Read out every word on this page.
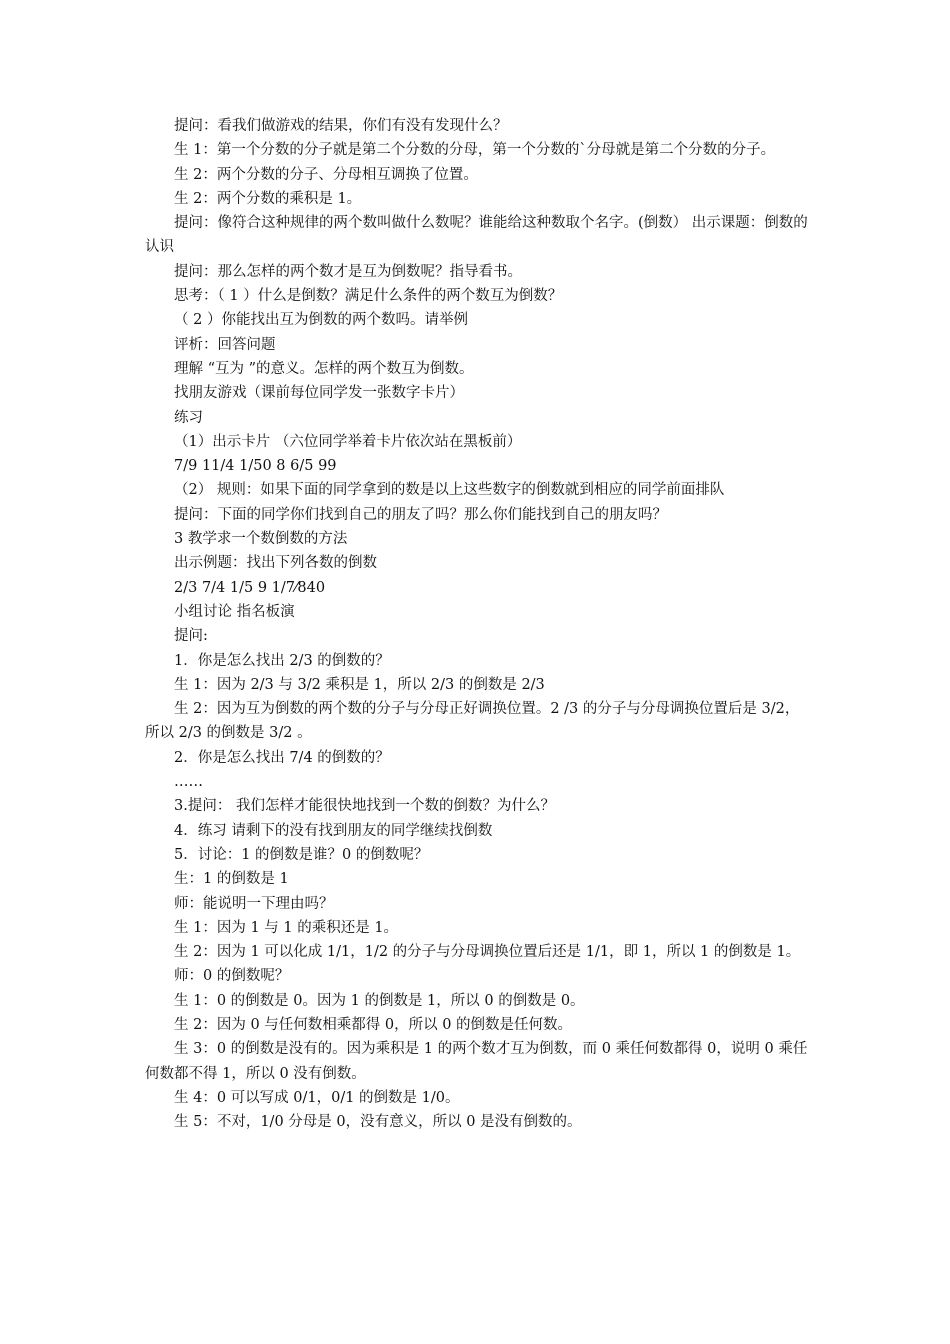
提问：看我们做游戏的结果，你们有没有发现什么？

生 1：第一个分数的分子就是第二个分数的分母，第一个分数的`分母就是第二个分数的分子。

生 2：两个分数的分子、分母相互调换了位置。

生 2：两个分数的乘积是 1。

提问：像符合这种规律的两个数叫做什么数呢？谁能给这种数取个名字。(倒数） 出示课题：倒数的认识

提问：那么怎样的两个数才是互为倒数呢？指导看书。

思考：（ 1 ）什么是倒数？满足什么条件的两个数互为倒数？

（ 2 ）你能找出互为倒数的两个数吗。请举例

评析：回答问题

理解 “互为 ”的意义。怎样的两个数互为倒数。

找朋友游戏（课前每位同学发一张数字卡片）

练习

（1）出示卡片 （六位同学举着卡片依次站在黑板前）

7/9 11/4 1/50 8 6/5 99

（2） 规则：如果下面的同学拿到的数是以上这些数字的倒数就到相应的同学前面排队

提问：下面的同学你们找到自己的朋友了吗？那么你们能找到自己的朋友吗？

3 教学求一个数倒数的方法

出示例题：找出下列各数的倒数

2/3 7/4 1/5 9 1/7⁄840

小组讨论 指名板演

提问:

1．你是怎么找出 2/3 的倒数的？

生 1：因为 2/3 与 3/2 乘积是 1，所以 2/3 的倒数是 2/3

生 2：因为互为倒数的两个数的分子与分母正好调换位置。2 /3 的分子与分母调换位置后是 3/2，所以 2/3 的倒数是 3/2 。

2．你是怎么找出 7/4 的倒数的？

……

3.提问： 我们怎样才能很快地找到一个数的倒数？为什么？

4．练习 请剩下的没有找到朋友的同学继续找倒数

5．讨论：1 的倒数是谁？0 的倒数呢？

生：1 的倒数是 1

师：能说明一下理由吗？

生 1：因为 1 与 1 的乘积还是 1。

生 2：因为 1 可以化成 1/1，1/2 的分子与分母调换位置后还是 1/1，即 1，所以 1 的倒数是 1。

师：0 的倒数呢？

生 1：0 的倒数是 0。因为 1 的倒数是 1，所以 0 的倒数是 0。

生 2：因为 0 与任何数相乘都得 0，所以 0 的倒数是任何数。

生 3：0 的倒数是没有的。因为乘积是 1 的两个数才互为倒数，而 0 乘任何数都得 0，说明 0 乘任何数都不得 1，所以 0 没有倒数。

生 4：0 可以写成 0/1，0/1 的倒数是 1/0。

生 5：不对，1/0 分母是 0，没有意义，所以 0 是没有倒数的。
